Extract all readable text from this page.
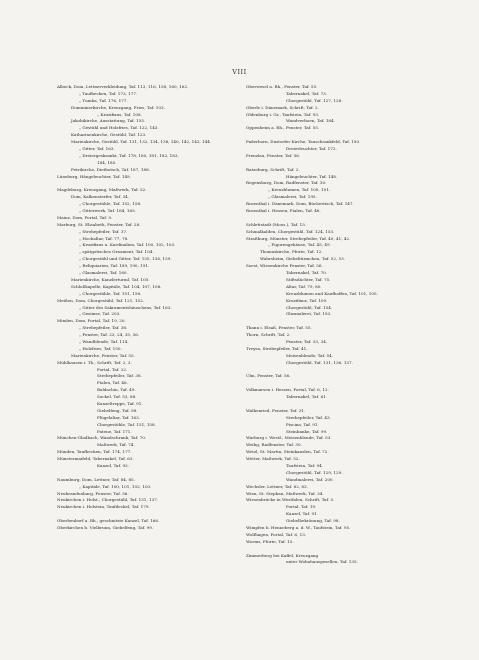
VIII
Albeck, Dom, Lettnerverkleidung, Taf. 113, 116, 158, 160, 162.
„ Taufbecken, Taf. 173, 177.
„ Tumba, Taf. 176, 177.
Domininerkirche, Kreuzgang, Fries, Taf. 103.
„ Kruzifixus, Taf. 108.
Jakobikirche, Ausstattung, Taf. 155.
„ Gestühl und Holzfries, Taf. 122, 143.
Katharinenkirche, Gestühl, Taf. 123.
Marienkirche, Gestühl, Taf. 131, 132, 134, 138, 140, 142, 143, 144.
„ Gitter, Taf. 163.
„ Dreiergeskrankt, Taf. 178, 180, 181, 182, 183,
184, 185.
Petrikirche, Dietbotsch, Taf. 187, 188.
Lüneburg, Hängeleuchter, Taf. 149.
Magdeburg, Kreuzgang, Maßwerk, Taf. 52.
Dom, Kalkensterfer, Taf. 34.
„ Chorgestühle, Taf. 152, 158.
„ Gitterwerk, Taf. 164, 165.
Mainz, Dom, Portal, Taf. 9.
Marburg, St. Elisabeth, Fenster, Taf. 28.
„ Strebepfeiler, Taf. 37.
„ Hochaltar, Taf. 77, 78.
„ Kruzifixus u. Kardinalien, Taf. 100, 102, 103.
„ spätgotisches Ornament, Taf. 104.
„ Chorgestühl und Gitter, Taf. 135, 136, 159.
„ Reliquiarien, Taf. 189, 190, 191.
„ Glasmalerei, Taf. 160.
Marienkirche, Kanzlerturml, Taf. 105.
Schloßkapelle, Kapitäle, Taf. 104, 107, 108.
„ Chorgestühle, Taf. 151, 158.
Meißen, Dom, Chorgestühl, Taf. 121, 152.
„ Gitter des Sakramentshäuschens, Taf. 163.
„ Gesimse, Taf. 203.
Minden, Dom, Portal, Taf. 19, 20.
„ Strebepfeiler, Taf. 38.
„ Fenster, Taf. 23, 24, 35, 36.
„ Wandblende, Taf. 114.
„ Holzfries, Taf. 150.
Marienkirche, Fenster, Taf. 55.
Mühlhausen i. Th., Schrift, Taf. 2, 3.
Portal, Taf. 22.
Strebepfeiler, Taf. 38.
Fialen, Taf. 46.
Baldachin, Taf. 49.
Sockel, Taf. 53, 88.
Kanzeltreppe, Taf. 91.
Giebelfeng, Taf. 98.
Flügelaltar, Taf. 163.
Chorgestühle, Taf. 151, 158.
Patene, Taf. 171.
München-Gladbach, Wandschrank, Taf. 70.
Maßwerk, Taf. 74.
Münden, Taufbecken, Taf. 174, 177.
Münstermaifeld, Tabernakel, Taf. 63.
Kanzel, Taf. 93.
Naumburg, Dom, Lettner, Taf. 84, 85.
„ Kapitäle, Taf. 100, 101, 102, 103.
Neubrandenburg, Fenster, Taf. 56.
Neukirchen i. Holst., Chorgestühl, Taf. 131, 137.
Neukirchen i. Holstein, Taufdeckel, Taf. 179.
Oberbeuborf a. Rh., geschnitzte Kanzel, Taf. 166.
Oberkirchen b. Vielbrunn, Giebelfeng, Taf. 99.
Oberwesel a. Rh., Fenster, Taf. 55.
Tabernakel, Taf. 73.
Chorgestühl, Taf. 127, 128.
Oberle i. Dänemark, Schrift, Taf. 2.
Oldenburg i. Gr., Taufstein, Taf. 93.
Wandverboen, Taf. 184.
Oppenheim a. Rh., Fenster, Taf. 55.
Paderborn, Dustorfer Kirche, Tauschrankfeld, Taf. 150.
Dreierleuchter, Taf. 172.
Prenzlau, Fenster, Taf. 56.
Ratzeburg, Schrift, Taf. 2.
Hängeleuchter, Taf. 148.
Regensburg, Dom, Radfenster, Taf. 30.
„ Kreuzblumen, Taf. 100, 101.
„ Glasmalerei, Taf. 195.
Rosenthal i. Dänemark, Dom, Büchertisch, Taf. 147.
Rosenthal i. Hessen, Fialen, Taf. 46.
Schlettstadt (Moos.), Taf. 15.
Schmalkalden, Chorgestühl, Taf. 124, 153.
Straßburg, Münster, Strebepfeiler, Taf. 40, 41, 42.
„ Figurengehäuse, Taf. 45, 49.
Thomaskirche, Pforte, Taf. 12.
Wahrsheim, Giebeltürmchen, Taf. 52, 53.
Soest, Wiesenkirche Fenster, Taf. 56.
Tabernakel, Taf. 70.
Stiftsdächter, Taf. 75.
Altar, Taf. 79, 80.
Kreuzblumen und Kaufhoffen, Taf. 101, 105.
Kruzifixus, Taf. 109.
Chorgestühl, Taf. 154.
Glasmalerei, Taf. 193.
Thann i. Elsaß, Fenster, Taf. 55.
Thorn, Schrift, Taf. 2.
Fenster, Taf. 33, 34.
Treysa, Strebepfeiler, Taf. 41.
Meisenblende, Taf. 54.
Chorgestühl, Taf. 131, 136, 137.
Ulm, Fenster, Taf. 56.
Volkmarsen i. Hessen, Portal, Taf. 6, 12.
Tabernakel, Taf. 61.
Walkenried, Fenster, Taf. 31.
Strebepfeiler, Taf. 43.
Piscina, Taf. 91.
Steinbanke, Taf. 99.
Warburg i. Westf., Meisenblende, Taf. 53.
Weibg, Radfenster, Taf. 30.
Wetzl, St. Martin, Steinkanzlen, Taf. 72.
Wetter, Maßwerk, Taf. 52.
Taufstein, Taf. 94.
Chorgestühl, Taf. 129, 129.
Wandmalerei, Taf. 200.
Wechsler, Lettner, Taf. 82, 83.
Wien, St. Stephan, Maßwerk, Taf. 34.
Wiesenbrücke in Westfalen, Schrift, Taf. 5.
Portal, Taf. 19.
Kanzel, Taf. 91.
Giebelbekrönung, Taf. 98.
Wimpfen b. Henneberg a. d. W., Taufstein, Taf. 95.
Wolfhagen, Portal, Taf. 6, 13.
Worms, Pforte, Taf. 15.
Zimmerberg bei Kaffel, Kreuzgang
unter Wohnhausgesellen, Taf. 135.
